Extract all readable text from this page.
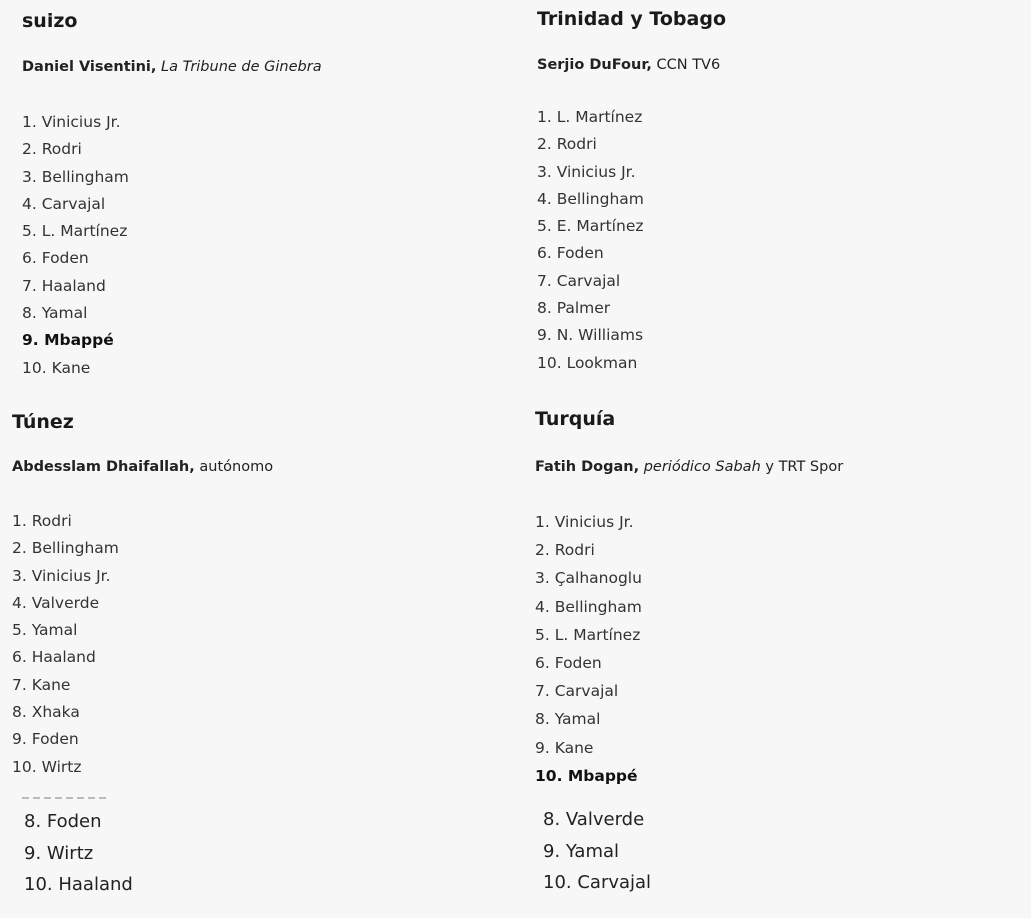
suizo
Daniel Visentini, La Tribune de Ginebra
1. Vinicius Jr.
2. Rodri
3. Bellingham
4. Carvajal
5. L. Martínez
6. Foden
7. Haaland
8. Yamal
9. Mbappé
10. Kane
Trinidad y Tobago
Serjio DuFour, CCN TV6
1. L. Martínez
2. Rodri
3. Vinicius Jr.
4. Bellingham
5. E. Martínez
6. Foden
7. Carvajal
8. Palmer
9. N. Williams
10. Lookman
Túnez
Abdesslam Dhaifallah, autónomo
1. Rodri
2. Bellingham
3. Vinicius Jr.
4. Valverde
5. Yamal
6. Haaland
7. Kane
8. Xhaka
9. Foden
10. Wirtz
Turquía
Fatih Dogan, periódico Sabah y TRT Spor
1. Vinicius Jr.
2. Rodri
3. Çalhanoglu
4. Bellingham
5. L. Martínez
6. Foden
7. Carvajal
8. Yamal
9. Kane
10. Mbappé
8. Foden
9. Wirtz
10. Haaland
8. Valverde
9. Yamal
10. Carvajal
